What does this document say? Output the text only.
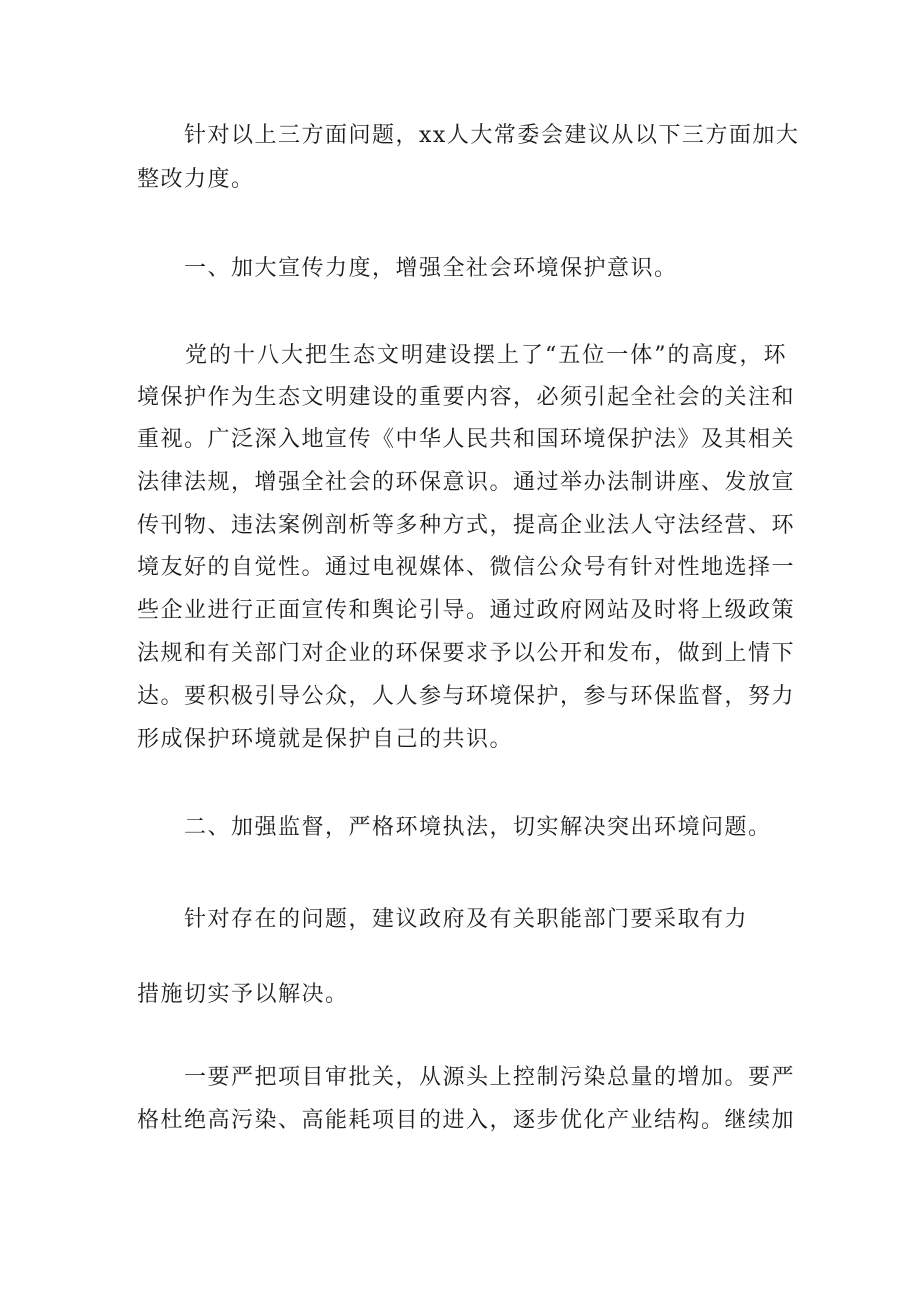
　　针对以上三方面问题，xx人大常委会建议从以下三方面加大
整改力度。
　　一、加大宣传力度，增强全社会环境保护意识。
　　党的十八大把生态文明建设摆上了“五位一体”的高度，环
境保护作为生态文明建设的重要内容，必须引起全社会的关注和
重视。广泛深入地宣传《中华人民共和国环境保护法》及其相关
法律法规，增强全社会的环保意识。通过举办法制讲座、发放宣
传刊物、违法案例剖析等多种方式，提高企业法人守法经营、环
境友好的自觉性。通过电视媒体、微信公众号有针对性地选择一
些企业进行正面宣传和舆论引导。通过政府网站及时将上级政策
法规和有关部门对企业的环保要求予以公开和发布，做到上情下
达。要积极引导公众，人人参与环境保护，参与环保监督，努力
形成保护环境就是保护自己的共识。
　　二、加强监督，严格环境执法，切实解决突出环境问题。
　　针对存在的问题，建议政府及有关职能部门要采取有力
措施切实予以解决。
　　一要严把项目审批关，从源头上控制污染总量的增加。要严
格杜绝高污染、高能耗项目的进入，逐步优化产业结构。继续加
